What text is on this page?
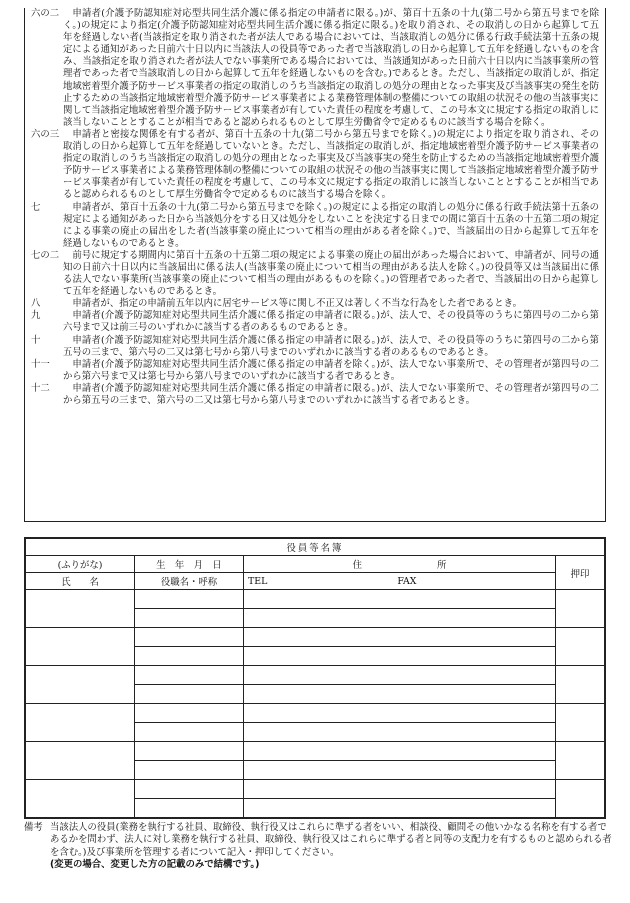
六の二	申請者(介護予防認知症対応型共同生活介護に係る指定の申請者に限る。)が、第百十五条の十九(第二号から第五号までを除く。)の規定により指定(介護予防認知症対応型共同生活介護に係る指定に限る。)を取り消され、その取消しの日から起算して五年を経過しない者(当該指定を取り消された者が法人である場合においては、当該取消しの処分に係る行政手続法第十五条の規定による通知があった日前六十日以内に当該法人の役員等であった者で当該取消しの日から起算して五年を経過しないものを含み、当該指定を取り消された者が法人でない事業所である場合においては、当該通知があった日前六十日以内に当該事業所の管理者であった者で当該取消しの日から起算して五年を経過しないものを含む。)であるとき。ただし、当該指定の取消しが、指定地域密着型介護予防サービス事業者の指定の取消しのうち当該指定の取消しの処分の理由となった事実及び当該事実の発生を防止するための当該指定地域密着型介護予防サービス事業者による業務管理体制の整備についての取組の状況その他の当該事実に関して当該指定地域密着型介護予防サービス事業者が有していた責任の程度を考慮して、この号本文に規定する指定の取消しに該当しないこととすることが相当であると認められるものとして厚生労働省令で定めるものに該当する場合を除く。
六の三	申請者と密接な関係を有する者が、第百十五条の十九(第二号から第五号までを除く。)の規定により指定を取り消され、その取消しの日から起算して五年を経過していないとき。ただし、当該指定の取消しが、指定地域密着型介護予防サービス事業者の指定の取消しのうち当該指定の取消しの処分の理由となった事実及び当該事実の発生を防止するための当該指定地域密着型介護予防サービス事業者による業務管理体制の整備についての取組の状況その他の当該事実に関して当該指定地域密着型介護予防サービス事業者が有していた責任の程度を考慮して、この号本文に規定する指定の取消しに該当しないこととすることが相当であると認められるものとして厚生労働省令で定めるものに該当する場合を除く。
七	申請者が、第百十五条の十九(第二号から第五号までを除く。)の規定による指定の取消しの処分に係る行政手続法第十五条の規定による通知があった日から当該処分をする日又は処分をしないことを決定する日までの間に第百十五条の十五第二項の規定による事業の廃止の届出をした者(当該事業の廃止について相当の理由がある者を除く。)で、当該届出の日から起算して五年を経過しないものであるとき。
七の二	前号に規定する期間内に第百十五条の十五第二項の規定による事業の廃止の届出があった場合において、申請者が、同号の通知の日前六十日以内に当該届出に係る法人(当該事業の廃止について相当の理由がある法人を除く。)の役員等又は当該届出に係る法人でない事業所(当該事業の廃止について相当の理由があるものを除く。)の管理者であった者で、当該届出の日から起算して五年を経過しないものであるとき。
八	申請者が、指定の申請前五年以内に居宅サービス等に関し不正又は著しく不当な行為をした者であるとき。
九	申請者(介護予防認知症対応型共同生活介護に係る指定の申請者に限る。)が、法人で、その役員等のうちに第四号の二から第六号まで又は前三号のいずれかに該当する者のあるものであるとき。
十	申請者(介護予防認知症対応型共同生活介護に係る指定の申請者に限る。)が、法人で、その役員等のうちに第四号の二から第五号の三まで、第六号の二又は第七号から第八号までのいずれかに該当する者のあるものであるとき。
十一	申請者(介護予防認知症対応型共同生活介護に係る指定の申請者を除く。)が、法人でない事業所で、その管理者が第四号の二から第六号まで又は第七号から第八号までのいずれかに該当する者であるとき。
十二	申請者(介護予防認知症対応型共同生活介護に係る指定の申請者に限る。)が、法人でない事業所で、その管理者が第四号の二から第五号の三まで、第六号の二又は第七号から第八号までのいずれかに該当する者であるとき。
役員等名簿			
(ふりがな)	生　年　月　日	住　　　　　　　　所	押印
氏　　名	役職名・呼称	TEL FAX	

備考 当該法人の役員(業務を執行する社員、取締役、執行役又はこれらに準ずる者をいい、相談役、顧問その他いかなる名称を有する者であるかを問わず、法人に対し業務を執行する社員、取締役、執行役又はこれらに準ずる者と同等の支配力を有するものと認められる者を含む。)及び事業所を管理する者について記入・押印してください。
(変更の場合、変更した方の記載のみで結構です。)
